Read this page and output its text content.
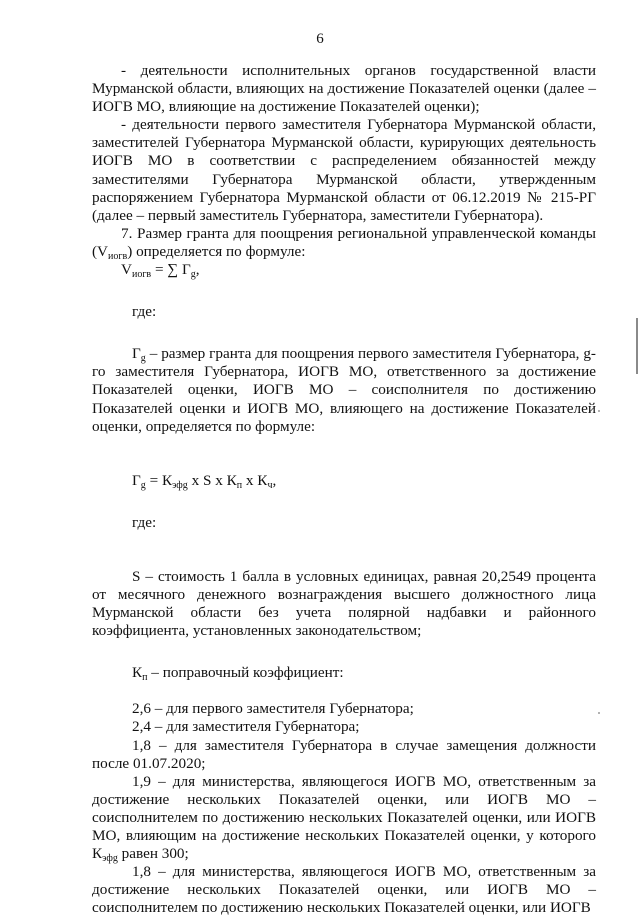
6

- деятельности исполнительных органов государственной власти Мурманской области, влияющих на достижение Показателей оценки (далее – ИОГВ МО, влияющие на достижение Показателей оценки);

- деятельности первого заместителя Губернатора Мурманской области, заместителей Губернатора Мурманской области, курирующих деятельность ИОГВ МО в соответствии с распределением обязанностей между заместителями Губернатора Мурманской области, утвержденным распоряжением Губернатора Мурманской области от 06.12.2019 № 215-РГ (далее – первый заместитель Губернатора, заместители Губернатора).

7. Размер гранта для поощрения региональной управленческой команды $(V_{иогв})$ определяется по формуле:

$V_{иогв}$ = ∑ $Г_g$,

где:

$Г_g$ – размер гранта для поощрения первого заместителя Губернатора, g-го заместителя Губернатора, ИОГВ МО, ответственного за достижение Показателей оценки, ИОГВ МО – соисполнителя по достижению Показателей оценки и ИОГВ МО, влияющего на достижение Показателей оценки, определяется по формуле:

$Г_g = К_{эфg}$ х S х $К_п$ х $К_ч$,

где:

S – стоимость 1 балла в условных единицах, равная 20,2549 процента от месячного денежного вознаграждения высшего должностного лица Мурманской области без учета полярной надбавки и районного коэффициента, установленных законодательством;

$К_п$ – поправочный коэффициент:

2,6 – для первого заместителя Губернатора;

2,4 – для заместителя Губернатора;

1,8 – для заместителя Губернатора в случае замещения должности после 01.07.2020;

1,9 – для министерства, являющегося ИОГВ МО, ответственным за достижение нескольких Показателей оценки, или ИОГВ МО – соисполнителем по достижению нескольких Показателей оценки, или ИОГВ МО, влияющим на достижение нескольких Показателей оценки, у которого $К_{эфg}$ равен 300;

1,8 – для министерства, являющегося ИОГВ МО, ответственным за достижение нескольких Показателей оценки, или ИОГВ МО – соисполнителем по достижению нескольких Показателей оценки, или ИОГВ
